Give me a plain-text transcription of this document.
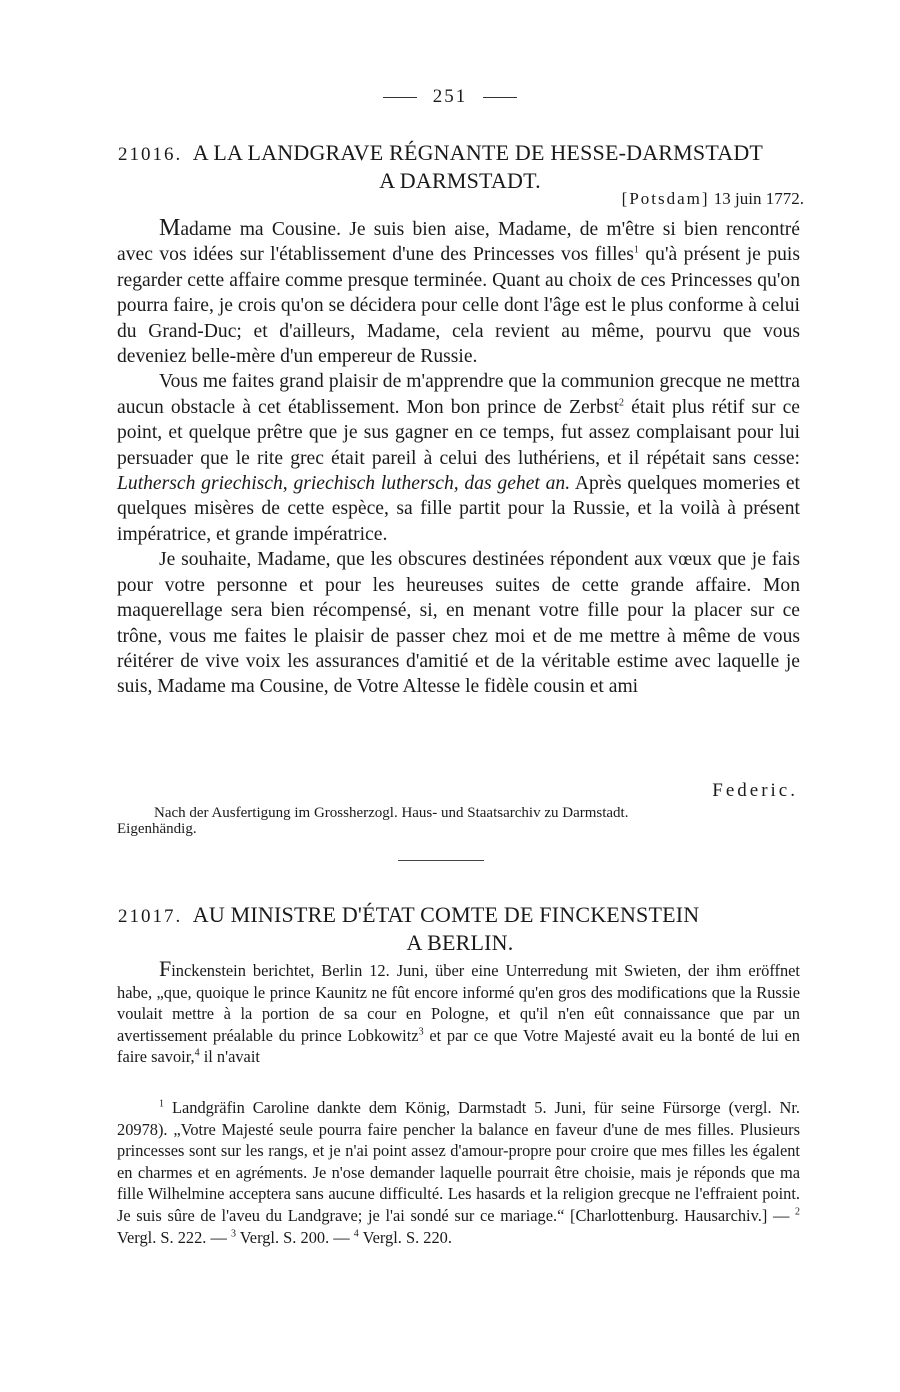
251
21016. A LA LANDGRAVE RÉGNANTE DE HESSE-DARMSTADT
A DARMSTADT.
[Potsdam] 13 juin 1772.

Madame ma Cousine. Je suis bien aise, Madame, de m'être si bien rencontré avec vos idées sur l'établissement d'une des Princesses vos filles$^1$ qu'à présent je puis regarder cette affaire comme presque terminée. Quant au choix de ces Princesses qu'on pourra faire, je crois qu'on se décidera pour celle dont l'âge est le plus conforme à celui du Grand-Duc; et d'ailleurs, Madame, cela revient au même, pourvu que vous deveniez belle-mère d'un empereur de Russie.

Vous me faites grand plaisir de m'apprendre que la communion grecque ne mettra aucun obstacle à cet établissement. Mon bon prince de Zerbst$^2$ était plus rétif sur ce point, et quelque prêtre que je sus gagner en ce temps, fut assez complaisant pour lui persuader que le rite grec était pareil à celui des luthériens, et il répétait sans cesse: Luthersch griechisch, griechisch luthersch, das gehet an. Après quelques momeries et quelques misères de cette espèce, sa fille partit pour la Russie, et la voilà à présent impératrice, et grande impératrice.

Je souhaite, Madame, que les obscures destinées répondent aux vœux que je fais pour votre personne et pour les heureuses suites de cette grande affaire. Mon maquerellage sera bien récompensé, si, en menant votre fille pour la placer sur ce trône, vous me faites le plaisir de passer chez moi et de me mettre à même de vous réitérer de vive voix les assurances d'amitié et de la véritable estime avec laquelle je suis, Madame ma Cousine, de Votre Altesse le fidèle cousin et ami

Federic.
Nach der Ausfertigung im Grossherzogl. Haus- und Staatsarchiv zu Darmstadt.
Eigenhändig.
21017. AU MINISTRE D'ÉTAT COMTE DE FINCKENSTEIN
A BERLIN.
Finckenstein berichtet, Berlin 12. Juni, über eine Unterredung mit Swieten, der ihm eröffnet habe, „que, quoique le prince Kaunitz ne fût encore informé qu'en gros des modifications que la Russie voulait mettre à la portion de sa cour en Pologne, et qu'il n'en eût connaissance que par un avertissement préalable du prince Lobkowitz$^3$ et par ce que Votre Majesté avait eu la bonté de lui en faire savoir,$^4$ il n'avait

$^1$ Landgräfin Caroline dankte dem König, Darmstadt 5. Juni, für seine Fürsorge (vergl. Nr. 20978). „Votre Majesté seule pourra faire pencher la balance en faveur d'une de mes filles. Plusieurs princesses sont sur les rangs, et je n'ai point assez d'amour-propre pour croire que mes filles les égalent en charmes et en agréments. Je n'ose demander laquelle pourrait être choisie, mais je réponds que ma fille Wilhelmine acceptera sans aucune difficulté. Les hasards et la religion grecque ne l'effraient point. Je suis sûre de l'aveu du Landgrave; je l'ai sondé sur ce mariage.“ [Charlottenburg. Hausarchiv.] — $^2$ Vergl. S. 222. — $^3$ Vergl. S. 200. — $^4$ Vergl. S. 220.
